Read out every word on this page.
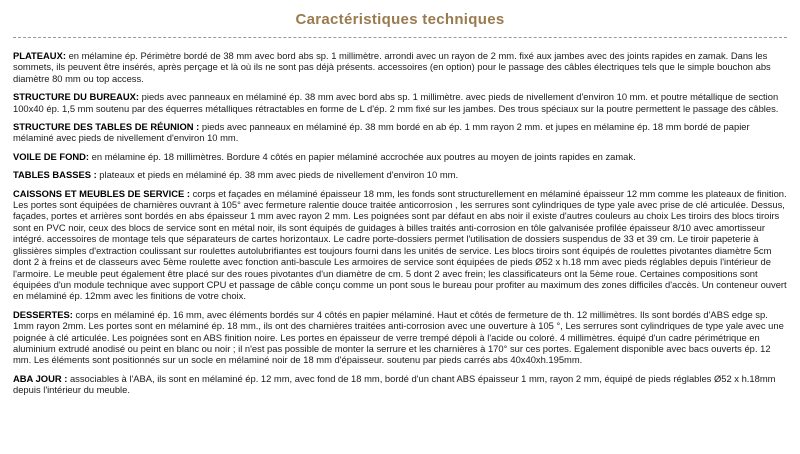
Caractéristiques techniques

PLATEAUX: en mélamine ép. Périmètre bordé de 38 mm avec bord abs sp. 1 millimètre. arrondi avec un rayon de 2 mm. fixé aux jambes avec des joints rapides en zamak. Dans les sommets, ils peuvent être insérés, après perçage et là où ils ne sont pas déjà présents. accessoires (en option) pour le passage des câbles électriques tels que le simple bouchon abs diamètre 80 mm ou top access.

STRUCTURE DU BUREAUX: pieds avec panneaux en mélaminé ép. 38 mm avec bord abs sp. 1 millimètre. avec pieds de nivellement d'environ 10 mm. et poutre métallique de section 100x40 ép. 1,5 mm soutenu par des équerres métalliques rétractables en forme de L d'ép. 2 mm fixé sur les jambes. Des trous spéciaux sur la poutre permettent le passage des câbles.

STRUCTURE DES TABLES DE RÉUNION : pieds avec panneaux en mélaminé ép. 38 mm bordé en ab ép. 1 mm rayon 2 mm. et jupes en mélamine ép. 18 mm bordé de papier mélaminé avec pieds de nivellement d'environ 10 mm.

VOILE DE FOND: en mélamine ép. 18 millimètres. Bordure 4 côtés en papier mélaminé accrochée aux poutres au moyen de joints rapides en zamak.

TABLES BASSES : plateaux et pieds en mélaminé ép. 38 mm avec pieds de nivellement d'environ 10 mm.

CAISSONS ET MEUBLES DE SERVICE : corps et façades en mélaminé épaisseur 18 mm, les fonds sont structurellement en mélaminé épaisseur 12 mm comme les plateaux de finition. Les portes sont équipées de charnières ouvrant à 105° avec fermeture ralentie douce traitée anticorrosion , les serrures sont cylindriques de type yale avec prise de clé articulée. Dessus, façades, portes et arrières sont bordés en abs épaisseur 1 mm avec rayon 2 mm. Les poignées sont par défaut en abs noir il existe d'autres couleurs au choix Les tiroirs des blocs tiroirs sont en PVC noir, ceux des blocs de service sont en métal noir, ils sont équipés de guidages à billes traités anti-corrosion en tôle galvanisée profilée épaisseur 8/10 avec amortisseur intégré. accessoires de montage tels que séparateurs de cartes horizontaux. Le cadre porte-dossiers permet l'utilisation de dossiers suspendus de 33 et 39 cm. Le tiroir papeterie à glissières simples d'extraction coulissant sur roulettes autolubrifiantes est toujours fourni dans les unités de service. Les blocs tiroirs sont équipés de roulettes pivotantes diamètre 5cm dont 2 à freins et de classeurs avec 5ème roulette avec fonction anti-bascule Les armoires de service sont équipées de pieds Ø52 x h.18 mm avec pieds réglables depuis l'intérieur de l'armoire. Le meuble peut également être placé sur des roues pivotantes d'un diamètre de cm. 5 dont 2 avec frein; les classificateurs ont la 5ème roue. Certaines compositions sont équipées d'un module technique avec support CPU et passage de câble conçu comme un pont sous le bureau pour profiter au maximum des zones difficiles d'accès. Un conteneur ouvert en mélaminé ép. 12mm avec les finitions de votre choix.

DESSERTES: corps en mélaminé ép. 16 mm, avec éléments bordés sur 4 côtés en papier mélaminé. Haut et côtés de fermeture de th. 12 millimètres. Ils sont bordés d'ABS edge sp. 1mm rayon 2mm. Les portes sont en mélaminé ép. 18 mm., ils ont des charnières traitées anti-corrosion avec une ouverture à 105 °, Les serrures sont cylindriques de type yale avec une poignée à clé articulée. Les poignées sont en ABS finition noire. Les portes en épaisseur de verre trempé dépoli à l'acide ou coloré. 4 millimètres. équipé d'un cadre périmétrique en aluminium extrudé anodisé ou peint en blanc ou noir ; il n'est pas possible de monter la serrure et les charnières à 170° sur ces portes. Egalement disponible avec bacs ouverts ép. 12 mm. Les éléments sont positionnés sur un socle en mélaminé noir de 18 mm d'épaisseur. soutenu par pieds carrés abs 40x40xh.195mm.

ABA JOUR : associables à l'ABA, ils sont en mélaminé ép. 12 mm, avec fond de 18 mm, bordé d'un chant ABS épaisseur 1 mm, rayon 2 mm, équipé de pieds réglables Ø52 x h.18mm depuis l'intérieur du meuble.
